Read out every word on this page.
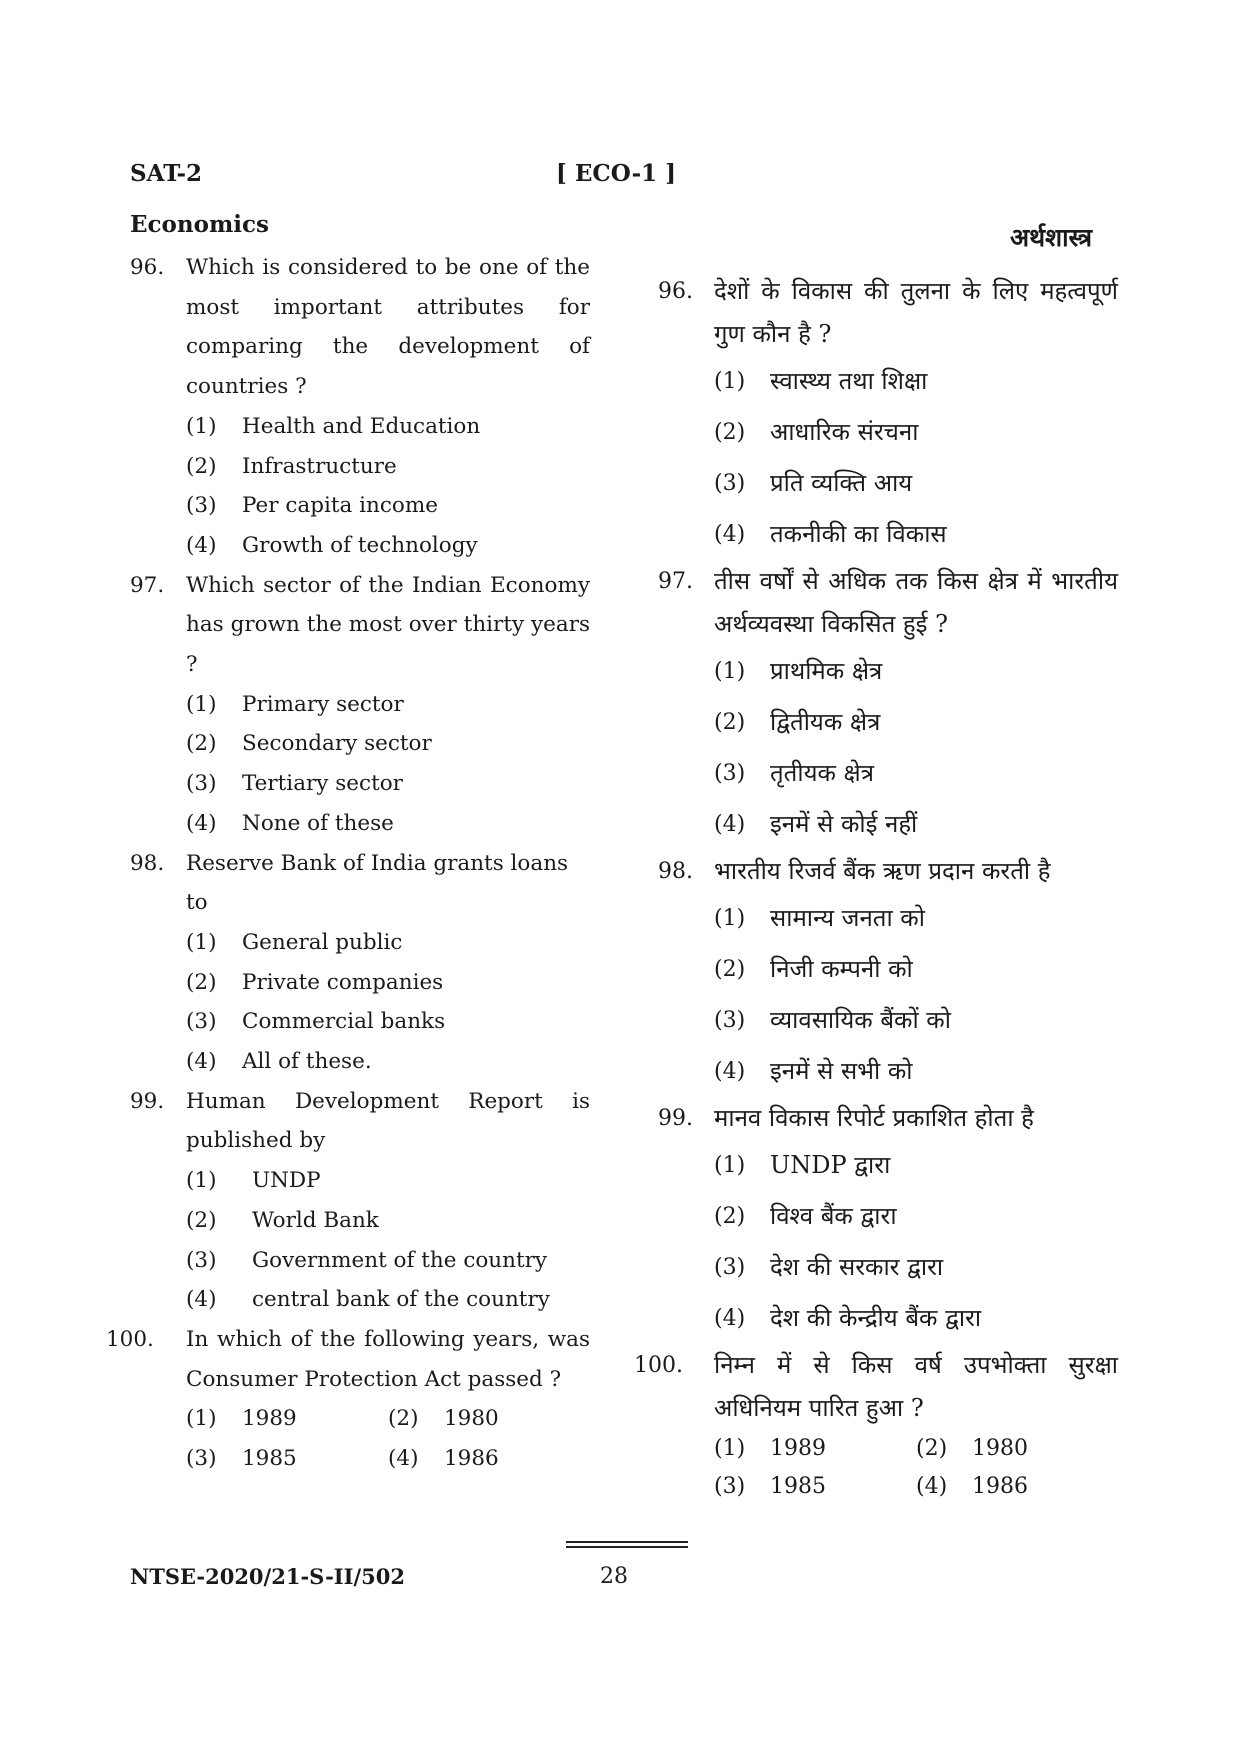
SAT-2	[ ECO-1 ]
Economics	अर्थशास्त्र
96. Which is considered to be one of the most important attributes for comparing the development of countries ?
(1) Health and Education
(2) Infrastructure
(3) Per capita income
(4) Growth of technology
97. Which sector of the Indian Economy has grown the most over thirty years ?
(1) Primary sector
(2) Secondary sector
(3) Tertiary sector
(4) None of these
98. Reserve Bank of India grants loans to
(1) General public
(2) Private companies
(3) Commercial banks
(4) All of these.
99. Human Development Report is published by
(1) UNDP
(2) World Bank
(3) Government of the country
(4) central bank of the country
100. In which of the following years, was Consumer Protection Act passed ?
(1) 1989	(2) 1980
(3) 1985	(4) 1986
96. देशों के विकास की तुलना के लिए महत्वपूर्ण गुण कौन है ?
(1) स्वास्थ्य तथा शिक्षा
(2) आधारिक संरचना
(3) प्रति व्यक्ति आय
(4) तकनीकी का विकास
97. तीस वर्षों से अधिक तक किस क्षेत्र में भारतीय अर्थव्यवस्था विकसित हुई ?
(1) प्राथमिक क्षेत्र
(2) द्वितीयक क्षेत्र
(3) तृतीयक क्षेत्र
(4) इनमें से कोई नहीं
98. भारतीय रिजर्व बैंक ऋण प्रदान करती है
(1) सामान्य जनता को
(2) निजी कम्पनी को
(3) व्यावसायिक बैंकों को
(4) इनमें से सभी को
99. मानव विकास रिपोर्ट प्रकाशित होता है
(1) UNDP द्वारा
(2) विश्व बैंक द्वारा
(3) देश की सरकार द्वारा
(4) देश की केन्द्रीय बैंक द्वारा
100. निम्न में से किस वर्ष उपभोक्ता सुरक्षा अधिनियम पारित हुआ ?
(1) 1989	(2) 1980
(3) 1985	(4) 1986
NTSE-2020/21-S-II/502	28
